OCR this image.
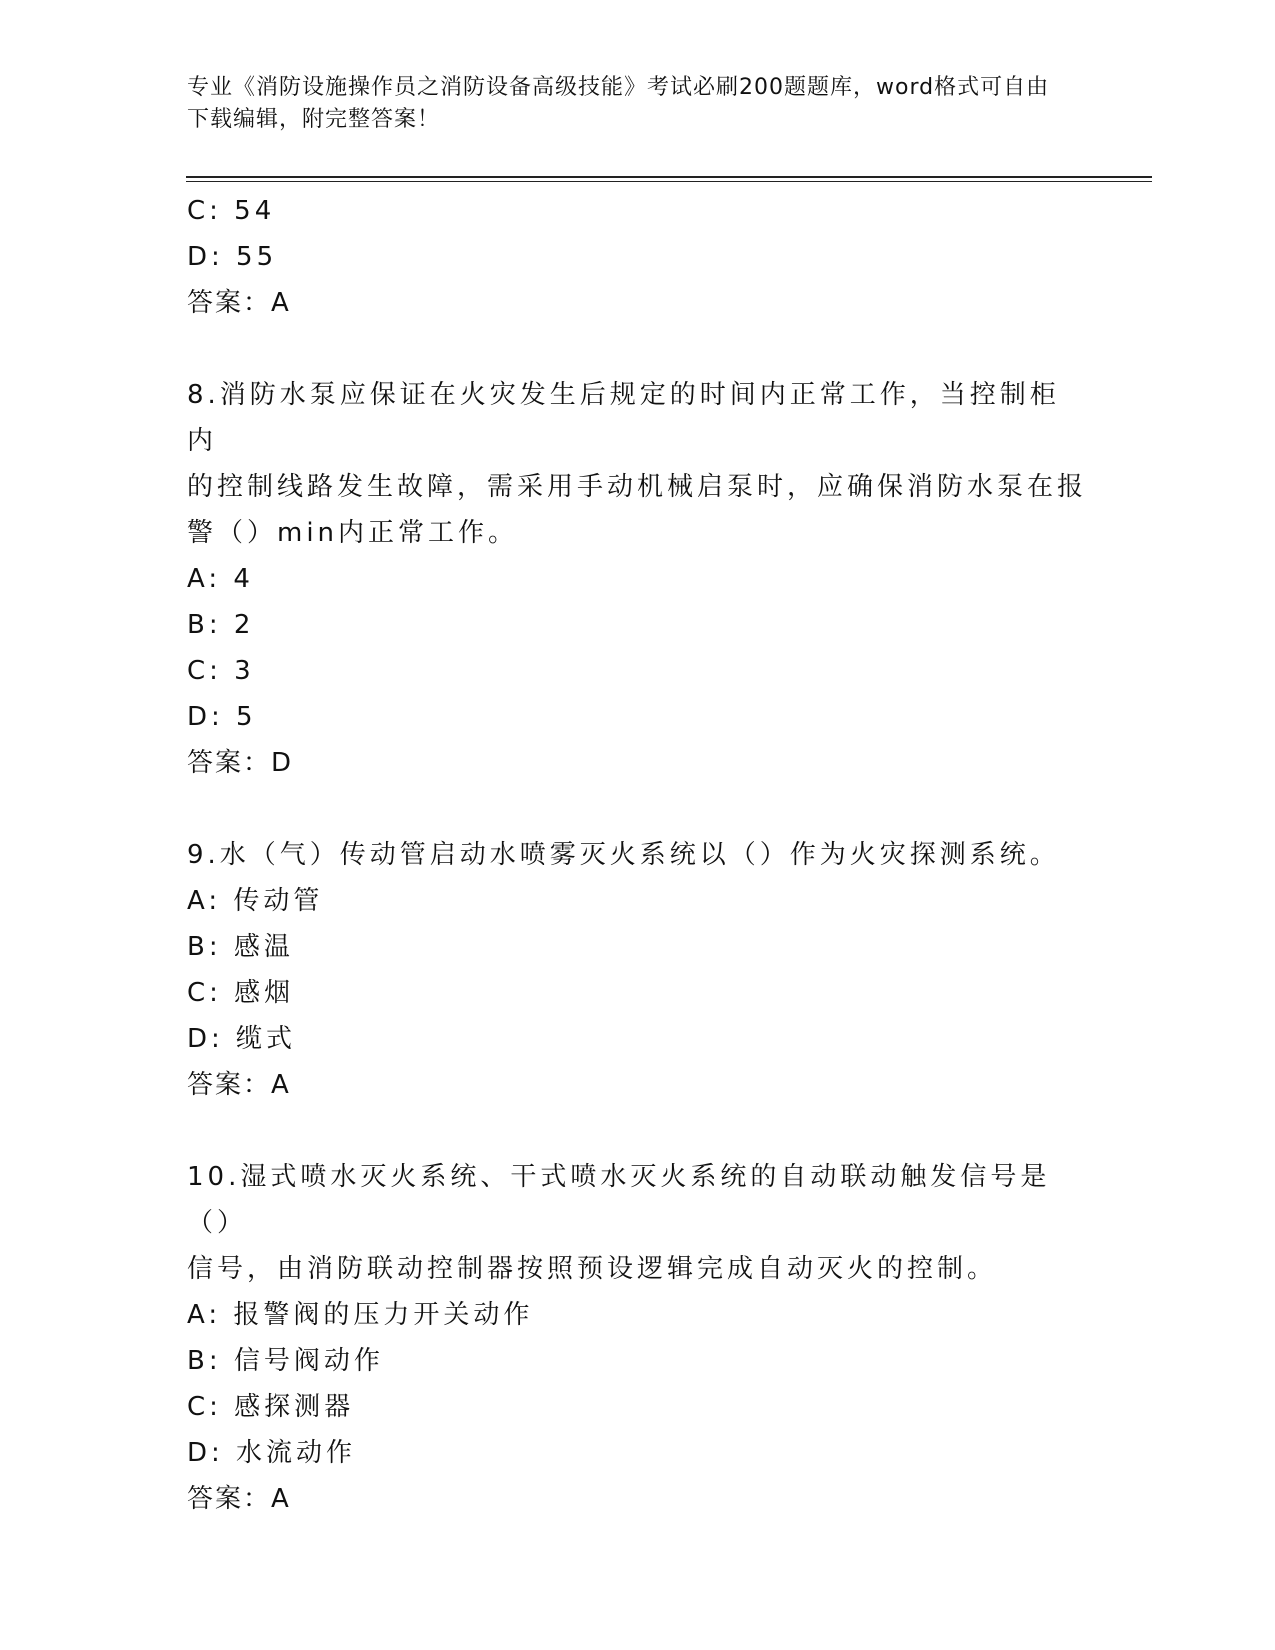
专业《消防设施操作员之消防设备高级技能》考试必刷200题题库，word格式可自由下载编辑，附完整答案！
C: 54
D: 55
答案：A
8.消防水泵应保证在火灾发生后规定的时间内正常工作，当控制柜内
的控制线路发生故障，需采用手动机械启泵时，应确保消防水泵在报
警（）min内正常工作。
A: 4
B: 2
C: 3
D: 5
答案：D
9.水（气）传动管启动水喷雾灭火系统以（）作为火灾探测系统。
A: 传动管
B: 感温
C: 感烟
D: 缆式
答案：A
10.湿式喷水灭火系统、干式喷水灭火系统的自动联动触发信号是（）
信号，由消防联动控制器按照预设逻辑完成自动灭火的控制。
A: 报警阀的压力开关动作
B: 信号阀动作
C: 感探测器
D: 水流动作
答案：A
